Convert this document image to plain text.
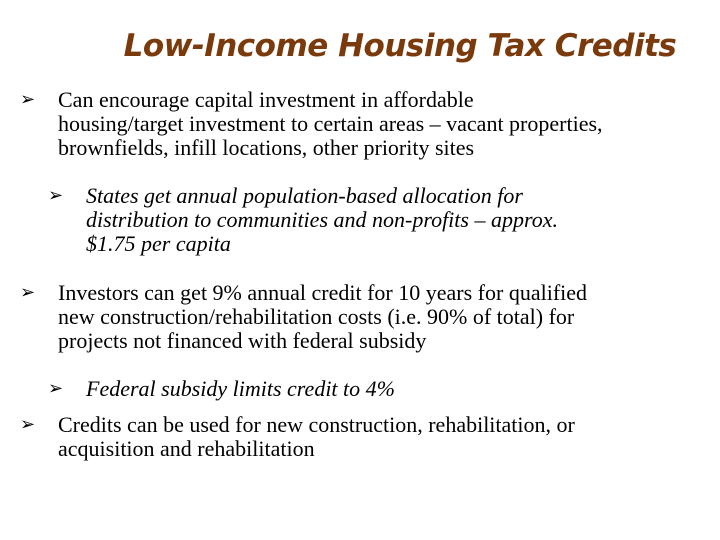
Low-Income Housing Tax Credits
➢ Can encourage capital investment in affordable
housing/target investment to certain areas – vacant properties,
brownfields, infill locations, other priority sites
➢ States get annual population-based allocation for
distribution to communities and non-profits – approx.
$1.75 per capita
➢ Investors can get 9% annual credit for 10 years for qualified
new construction/rehabilitation costs (i.e. 90% of total) for
projects not financed with federal subsidy
➢ Federal subsidy limits credit to 4%
➢ Credits can be used for new construction, rehabilitation, or
acquisition and rehabilitation
